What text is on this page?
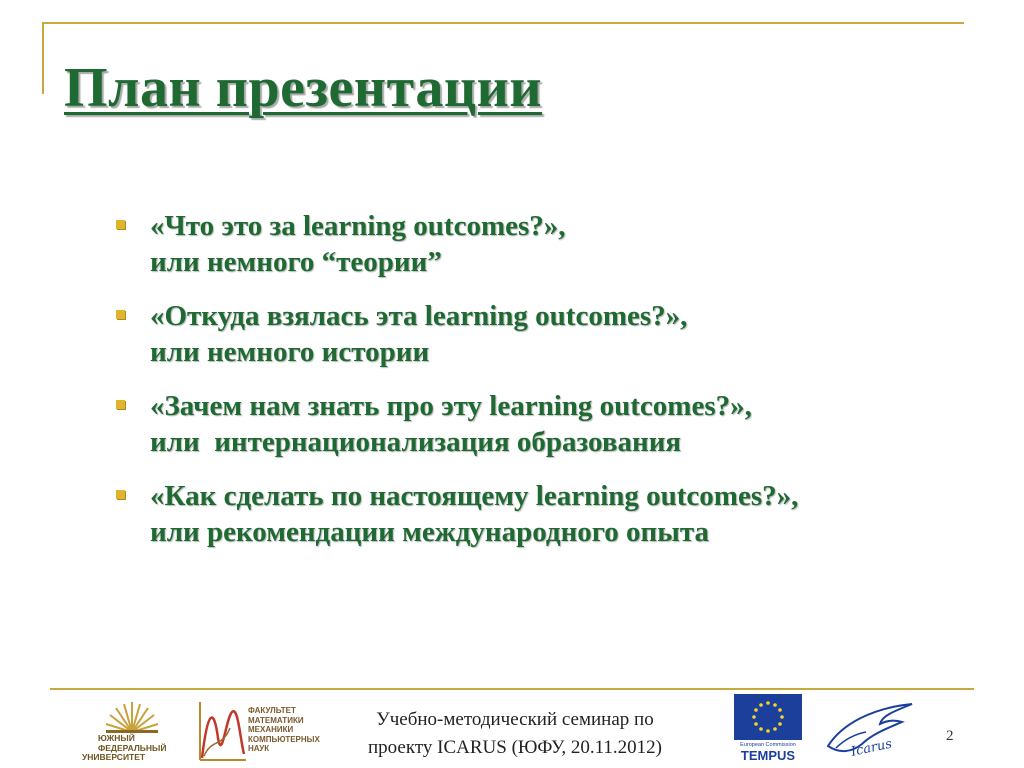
План презентации
«Что это за learning outcomes?»,
или немного “теории”
«Откуда взялась эта learning outcomes?»,
или немного истории
«Зачем нам знать про эту learning outcomes?»,
или  интернационализация образования
«Как сделать по настоящему learning outcomes?»,
или рекомендации международного опыта
ЮЖНЫЙ
ФЕДЕРАЛЬНЫЙ
УНИВЕРСИТЕТ
ФАКУЛЬТЕТ
МАТЕМАТИКИ
МЕХАНИКИ
КОМПЬЮТЕРНЫХ
НАУК
Учебно-методический семинар по
проекту ICARUS (ЮФУ, 20.11.2012)	European Commission
TEMPUS	Icarus
2
